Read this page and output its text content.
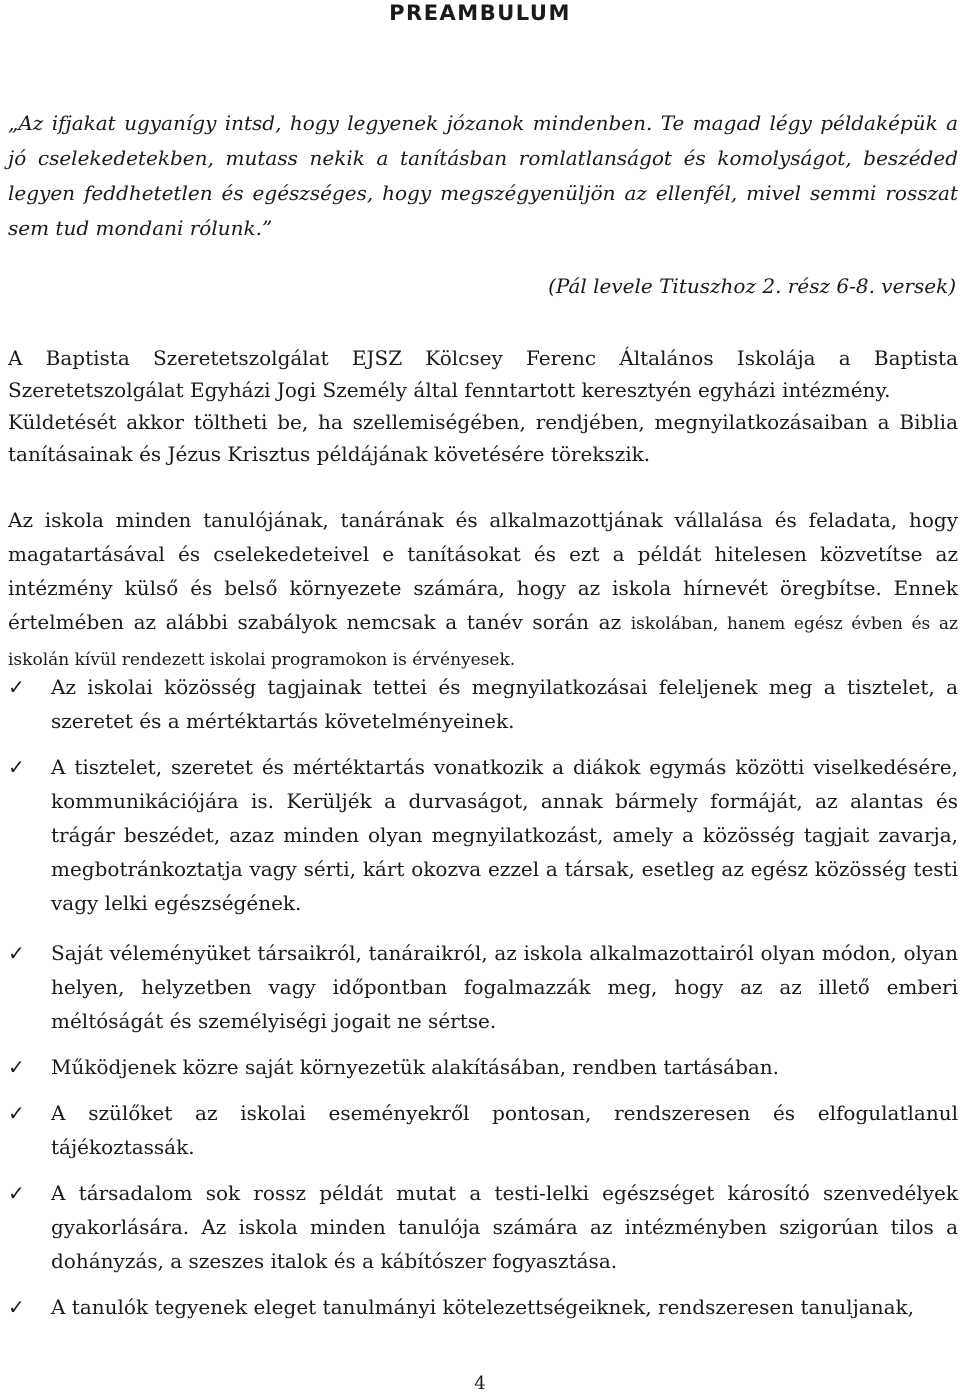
PREAMBULUM
„Az ifjakat ugyanígy intsd, hogy legyenek józanok mindenben. Te magad légy példaképük a jó cselekedetekben, mutass nekik a tanításban romlatlanságot és komolyságot, beszéded legyen feddhetetlen és egészséges, hogy megszégyenüljön az ellenfél, mivel semmi rosszat sem tud mondani rólunk.”
(Pál levele Tituszhoz 2. rész 6-8. versek)

A Baptista Szeretetszolgálat EJSZ Kölcsey Ferenc Általános Iskolája a Baptista Szeretetszolgálat Egyházi Jogi Személy által fenntartott keresztyén egyházi intézmény.

Küldetését akkor töltheti be, ha szellemiségében, rendjében, megnyilatkozásaiban a Biblia tanításainak és Jézus Krisztus példájának követésére törekszik.

Az iskola minden tanulójának, tanárának és alkalmazottjának vállalása és feladata, hogy magatartásával és cselekedeteivel e tanításokat és ezt a példát hitelesen közvetítse az intézmény külső és belső környezete számára, hogy az iskola hírnevét öregbítse. Ennek értelmében az alábbi szabályok nemcsak a tanév során az iskolában, hanem egész évben és az iskolán kívül rendezett iskolai programokon is érvényesek.

✓ Az iskolai közösség tagjainak tettei és megnyilatkozásai feleljenek meg a tisztelet, a szeretet és a mértéktartás követelményeinek.
✓ A tisztelet, szeretet és mértéktartás vonatkozik a diákok egymás közötti viselkedésére, kommunikációjára is. Kerüljék a durvaságot, annak bármely formáját, az alantas és trágár beszédet, azaz minden olyan megnyilatkozást, amely a közösség tagjait zavarja, megbotránkoztatja vagy sérti, kárt okozva ezzel a társak, esetleg az egész közösség testi vagy lelki egészségének.
✓ Saját véleményüket társaikról, tanáraikról, az iskola alkalmazottairól olyan módon, olyan helyen, helyzetben vagy időpontban fogalmazzák meg, hogy az az illető emberi méltóságát és személyiségi jogait ne sértse.
✓ Működjenek közre saját környezetük alakításában, rendben tartásában.
✓ A szülőket az iskolai eseményekről pontosan, rendszeresen és elfogulatlanul tájékoztassák.
✓ A társadalom sok rossz példát mutat a testi-lelki egészséget károsító szenvedélyek gyakorlására. Az iskola minden tanulója számára az intézményben szigorúan tilos a dohányzás, a szeszes italok és a kábítószer fogyasztása.
✓ A tanulók tegyenek eleget tanulmányi kötelezettségeiknek, rendszeresen tanuljanak,
4
